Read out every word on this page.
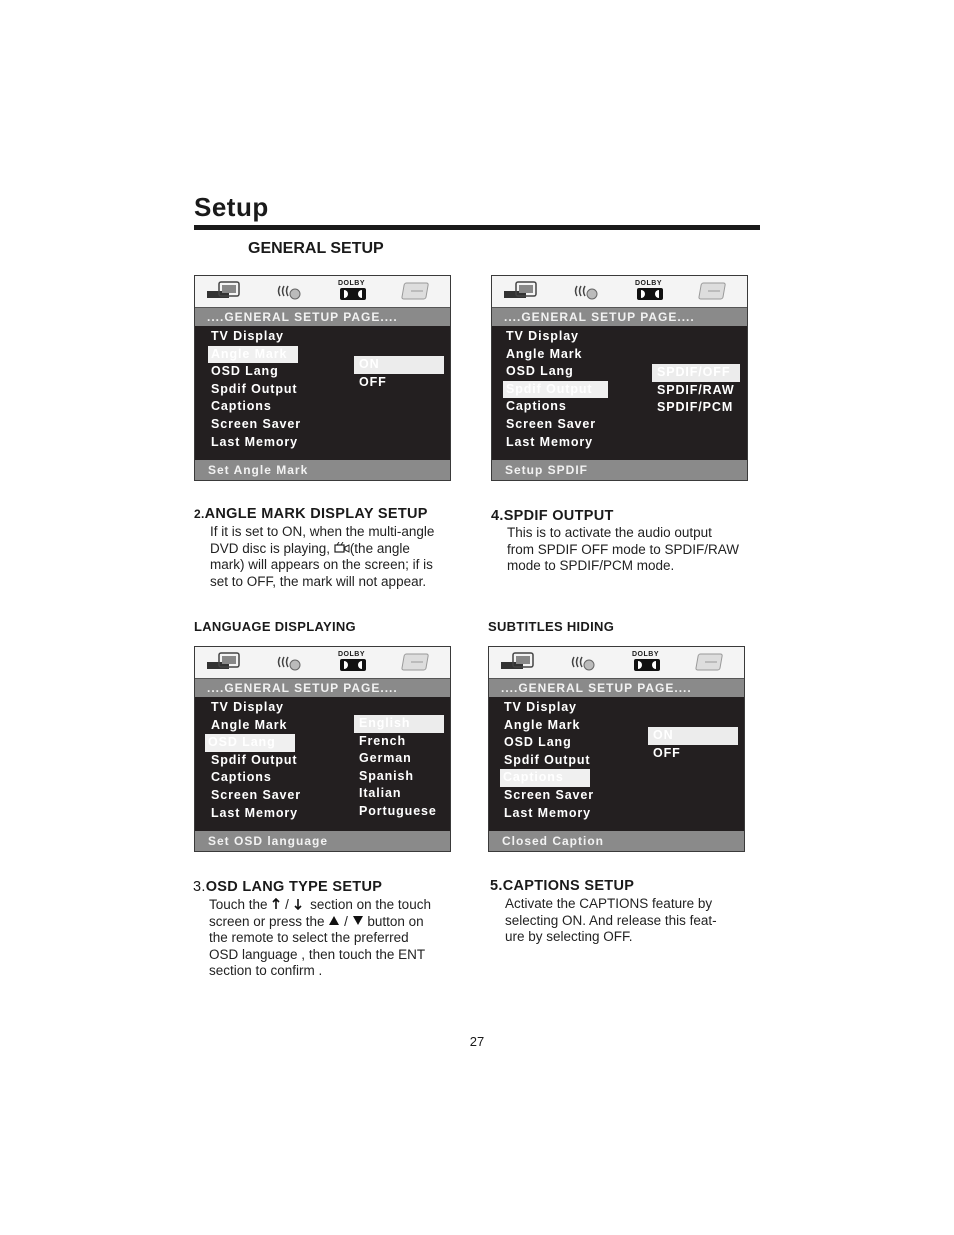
Setup
GENERAL SETUP
DOLBY
....GENERAL SETUP PAGE....
TV Display
Angle Mark
OSD Lang
Spdif Output
Captions
Screen Saver
Last Memory
ON
OFF
Set Angle Mark
DOLBY
....GENERAL SETUP PAGE....
TV Display
Angle Mark
OSD Lang
Spdif Output
Captions
Screen Saver
Last Memory
SPDIF/OFF
SPDIF/RAW
SPDIF/PCM
Setup SPDIF
2.ANGLE MARK DISPLAY SETUP
If it is set to ON, when the multi-angle
DVD disc is playing, (the angle
mark) will appears on the screen; if is
set to OFF, the mark will not appear.
4.SPDIF OUTPUT
This is to activate the audio output
from SPDIF OFF mode to SPDIF/RAW
mode to SPDIF/PCM mode.
LANGUAGE DISPLAYING	SUBTITLES HIDING
DOLBY
....GENERAL SETUP PAGE....
TV Display
Angle Mark
OSD Lang
Spdif Output
Captions
Screen Saver
Last Memory
English
French
German
Spanish
Italian
Portuguese
Set OSD language
DOLBY
....GENERAL SETUP PAGE....
TV Display
Angle Mark
OSD Lang
Spdif Output
Captions
Screen Saver
Last Memory
ON
OFF
Closed Caption
3.OSD LANG TYPE SETUP
Touch the / section on the touch
screen or press the / button on
the remote to select the preferred
OSD language , then touch the ENT
section to confirm .
5.CAPTIONS SETUP
Activate the CAPTIONS feature by
selecting ON. And release this feat-
ure by selecting OFF.
27
